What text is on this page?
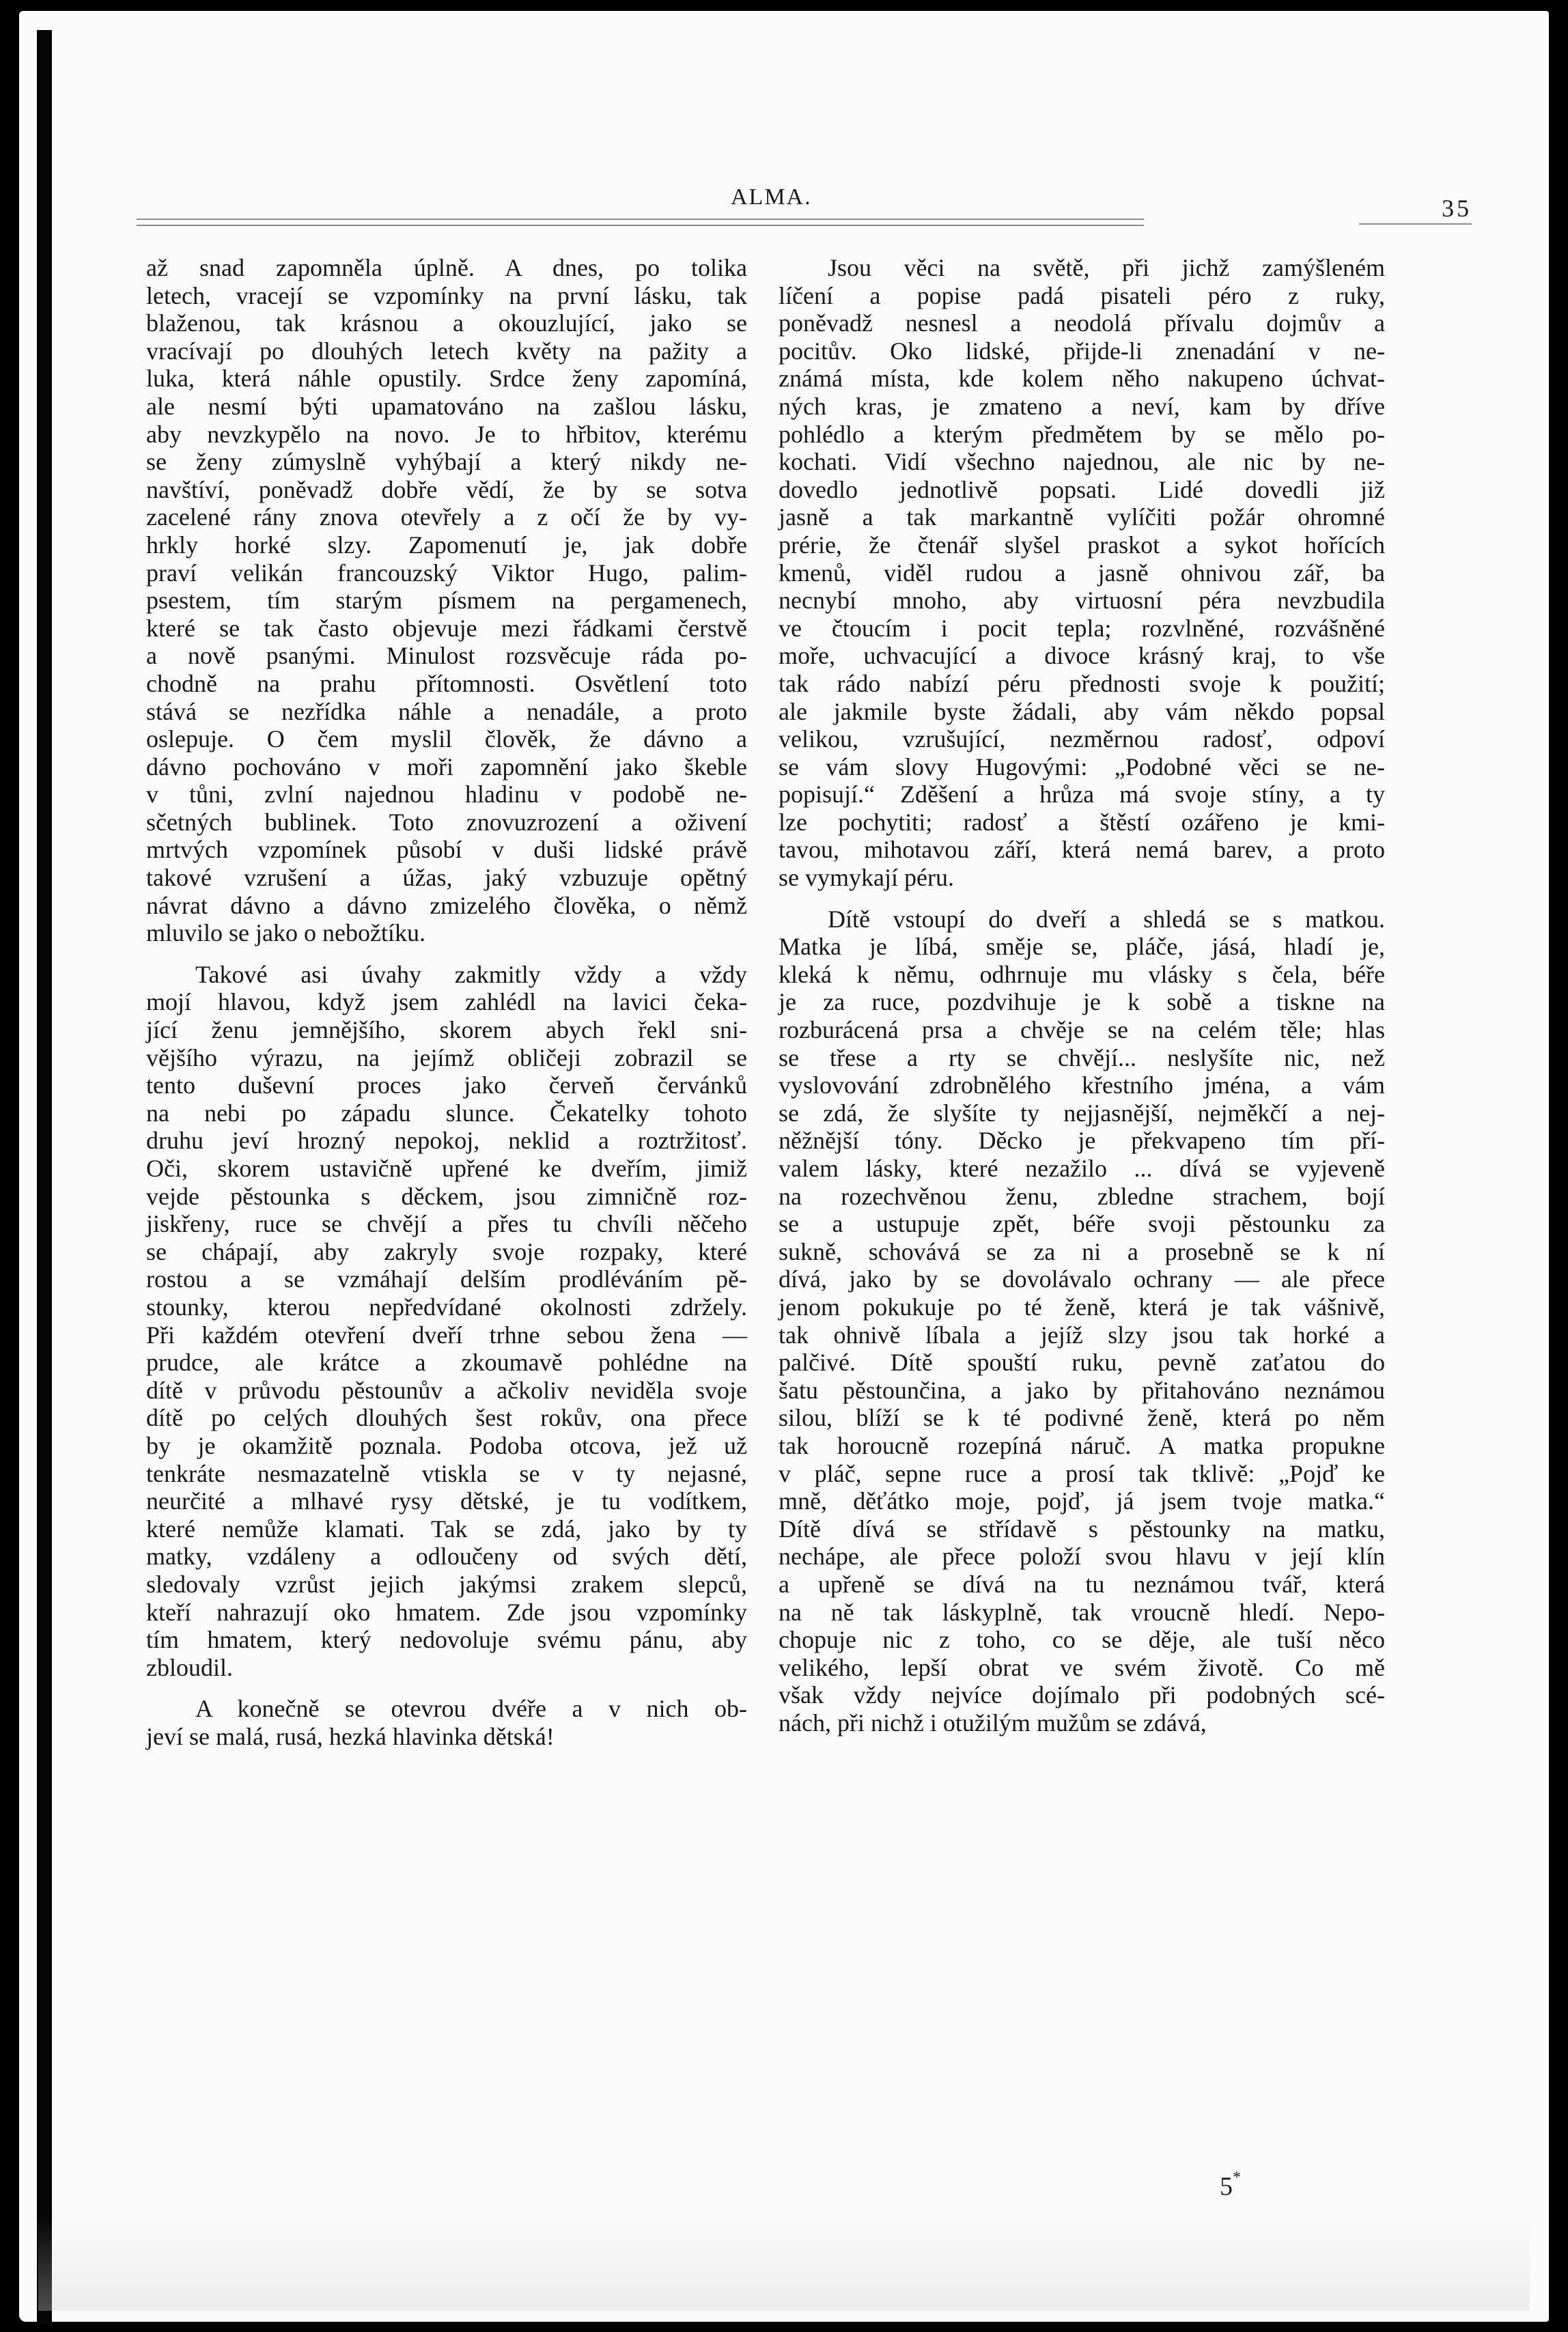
ALMA.	35
až snad zapomněla úplně. A dnes, po tolika
letech, vracejí se vzpomínky na první lásku, tak
blaženou, tak krásnou a okouzlující, jako se
vracívají po dlouhých letech květy na pažity a
luka, která náhle opustily. Srdce ženy zapomíná,
ale nesmí býti upamatováno na zašlou lásku,
aby nevzkypělo na novo. Je to hřbitov, kterému
se ženy zúmyslně vyhýbají a který nikdy ne-
navštíví, poněvadž dobře vědí, že by se sotva
zacelené rány znova otevřely a z očí že by vy-
hrkly horké slzy. Zapomenutí je, jak dobře
praví velikán francouzský Viktor Hugo, palim-
psestem, tím starým písmem na pergamenech,
které se tak často objevuje mezi řádkami čerstvě
a nově psanými. Minulost rozsvěcuje ráda po-
chodně na prahu přítomnosti. Osvětlení toto
stává se nezřídka náhle a nenadále, a proto
oslepuje. O čem myslil člověk, že dávno a
dávno pochováno v moři zapomnění jako škeble
v tůni, zvlní najednou hladinu v podobě ne-
sčetných bublinek. Toto znovuzrození a oživení
mrtvých vzpomínek působí v duši lidské právě
takové vzrušení a úžas, jaký vzbuzuje opětný
návrat dávno a dávno zmizelého člověka, o němž
mluvilo se jako o nebožtíku.
Takové asi úvahy zakmitly vždy a vždy
mojí hlavou, když jsem zahlédl na lavici čeka-
jící ženu jemnějšího, skorem abych řekl sni-
vějšího výrazu, na jejímž obličeji zobrazil se
tento duševní proces jako červeň červánků
na nebi po západu slunce. Čekatelky tohoto
druhu jeví hrozný nepokoj, neklid a roztržitosť.
Oči, skorem ustavičně upřené ke dveřím, jimiž
vejde pěstounka s děckem, jsou zimničně roz-
jiskřeny, ruce se chvějí a přes tu chvíli něčeho
se chápají, aby zakryly svoje rozpaky, které
rostou a se vzmáhají delším prodléváním pě-
stounky, kterou nepředvídané okolnosti zdržely.
Při každém otevření dveří trhne sebou žena —
prudce, ale krátce a zkoumavě pohlédne na
dítě v průvodu pěstounův a ačkoliv neviděla svoje
dítě po celých dlouhých šest rokův, ona přece
by je okamžitě poznala. Podoba otcova, jež už
tenkráte nesmazatelně vtiskla se v ty nejasné,
neurčité a mlhavé rysy dětské, je tu vodítkem,
které nemůže klamati. Tak se zdá, jako by ty
matky, vzdáleny a odloučeny od svých dětí,
sledovaly vzrůst jejich jakýmsi zrakem slepců,
kteří nahrazují oko hmatem. Zde jsou vzpomínky
tím hmatem, který nedovoluje svému pánu, aby
zbloudil.
A konečně se otevrou dvéře a v nich ob-
jeví se malá, rusá, hezká hlavinka dětská!
Jsou věci na světě, při jichž zamýšleném
líčení a popise padá pisateli péro z ruky,
poněvadž nesnesl a neodolá přívalu dojmův a
pocitův. Oko lidské, přijde-li znenadání v ne-
známá místa, kde kolem něho nakupeno úchvat-
ných kras, je zmateno a neví, kam by dříve
pohlédlo a kterým předmětem by se mělo po-
kochati. Vidí všechno najednou, ale nic by ne-
dovedlo jednotlivě popsati. Lidé dovedli již
jasně a tak markantně vylíčiti požár ohromné
prérie, že čtenář slyšel praskot a sykot hořících
kmenů, viděl rudou a jasně ohnivou zář, ba
necnybí mnoho, aby virtuosní péra nevzbudila
ve čtoucím i pocit tepla; rozvlněné, rozvášněné
moře, uchvacující a divoce krásný kraj, to vše
tak rádo nabízí péru přednosti svoje k použití;
ale jakmile byste žádali, aby vám někdo popsal
velikou, vzrušující, nezměrnou radosť, odpoví
se vám slovy Hugovými: „Podobné věci se ne-
popisují.“ Zděšení a hrůza má svoje stíny, a ty
lze pochytiti; radosť a štěstí ozářeno je kmi-
tavou, mihotavou září, která nemá barev, a proto
se vymykají péru.
Dítě vstoupí do dveří a shledá se s matkou.
Matka je líbá, směje se, pláče, jásá, hladí je,
kleká k němu, odhrnuje mu vlásky s čela, béře
je za ruce, pozdvihuje je k sobě a tiskne na
rozburácená prsa a chvěje se na celém těle; hlas
se třese a rty se chvějí... neslyšíte nic, než
vyslovování zdrobnělého křestního jména, a vám
se zdá, že slyšíte ty nejjasnější, nejměkčí a nej-
něžnější tóny. Děcko je překvapeno tím pří-
valem lásky, které nezažilo ... dívá se vyjeveně
na rozechvěnou ženu, zbledne strachem, bojí
se a ustupuje zpět, béře svoji pěstounku za
sukně, schovává se za ni a prosebně se k ní
dívá, jako by se dovolávalo ochrany — ale přece
jenom pokukuje po té ženě, která je tak vášnivě,
tak ohnivě líbala a jejíž slzy jsou tak horké a
palčivé. Dítě spouští ruku, pevně zaťatou do
šatu pěstounčina, a jako by přitahováno neznámou
silou, blíží se k té podivné ženě, která po něm
tak horoucně rozepíná náruč. A matka propukne
v pláč, sepne ruce a prosí tak tklivě: „Pojď ke
mně, děťátko moje, pojď, já jsem tvoje matka.“
Dítě dívá se střídavě s pěstounky na matku,
nechápe, ale přece položí svou hlavu v její klín
a upřeně se dívá na tu neznámou tvář, která
na ně tak láskyplně, tak vroucně hledí. Nepo-
chopuje nic z toho, co se děje, ale tuší něco
velikého, lepší obrat ve svém životě. Co mě
však vždy nejvíce dojímalo při podobných scé-
nách, při nichž i otužilým mužům se zdává,
5*
